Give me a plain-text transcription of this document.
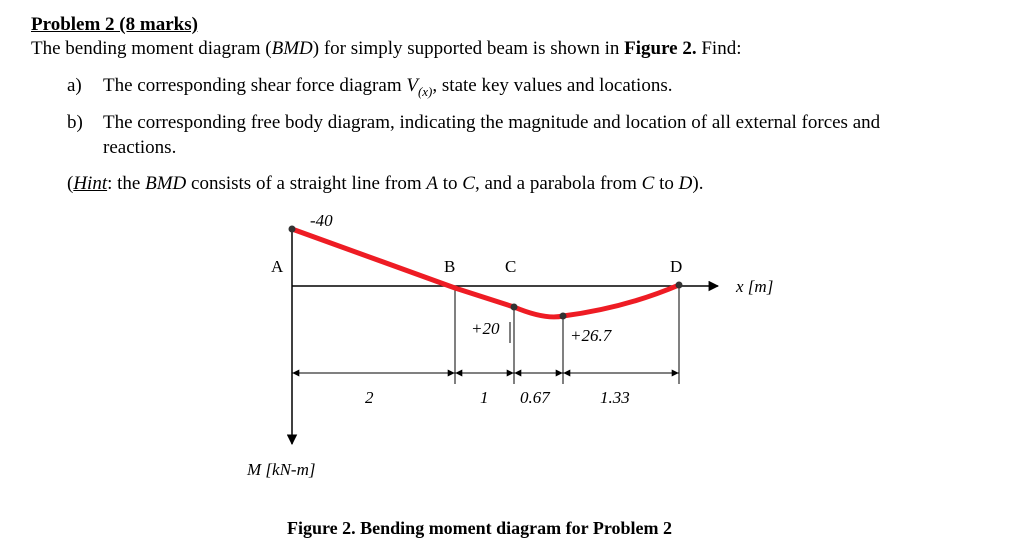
Problem 2 (8 marks)
The bending moment diagram (BMD) for simply supported beam is shown in Figure 2. Find:
a) The corresponding shear force diagram $V_{(x)}$, state key values and locations.
b) The corresponding free body diagram, indicating the magnitude and location of all external forces and
reactions.
(Hint: the BMD consists of a straight line from A to C, and a parabola from C to D).
-40
A	B	C	D
x [m]
+20	+26.7
2	1 0.67	1.33
M [kN-m]
Figure 2. Bending moment diagram for Problem 2
